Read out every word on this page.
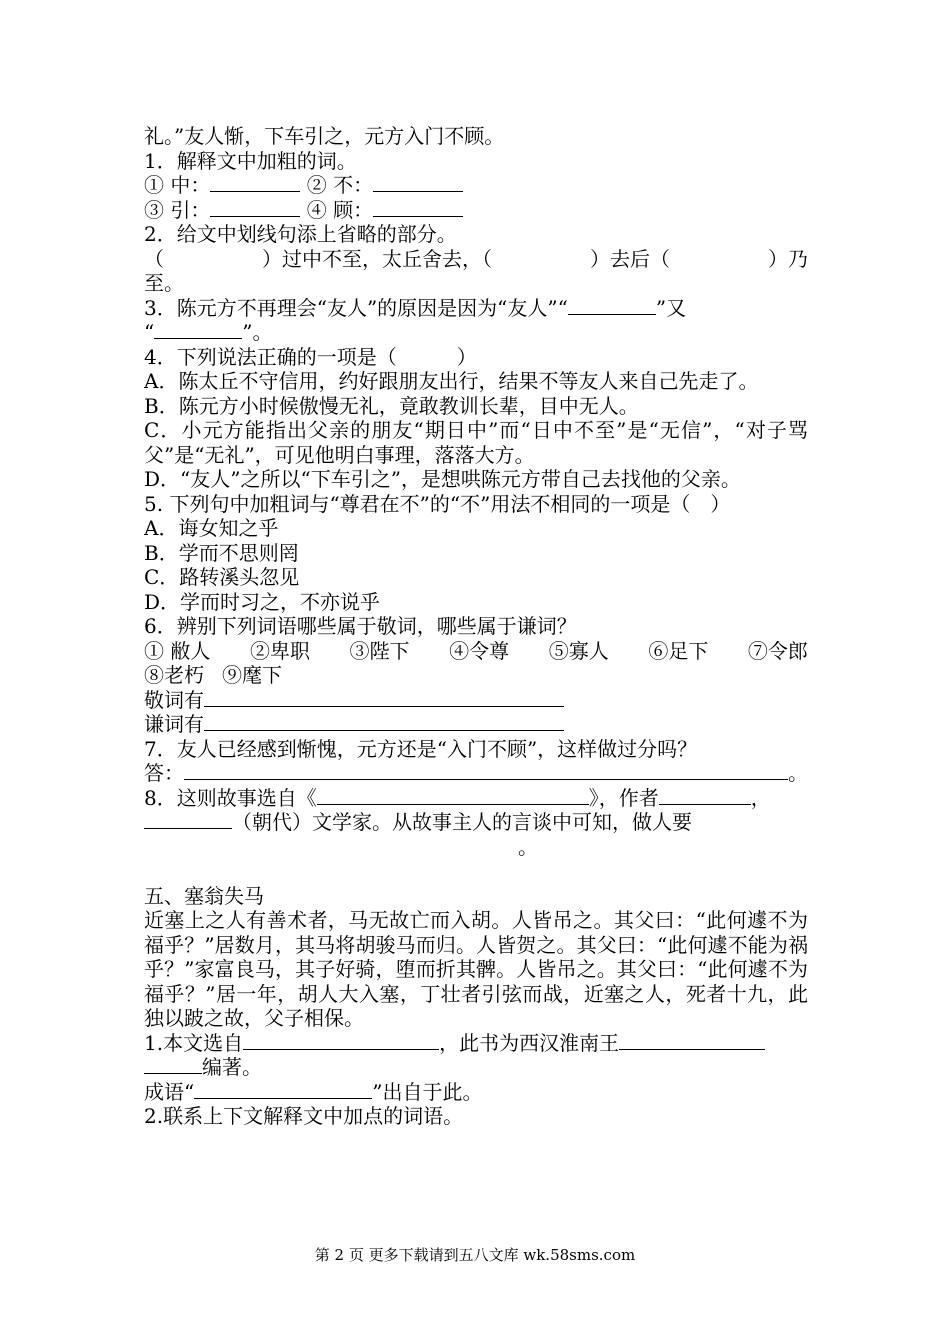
礼。”友人惭，下车引之，元方入门不顾。
1．解释文中加粗的词。
① 中：	② 不：
③ 引：	④ 顾：
2．给文中划线句添上省略的部分。
（	）过中不至，太丘舍去，（	）去后（	）乃
至。
3．陈元方不再理会“友人”的原因是因为“友人”“	”又
“	”。
4．下列说法正确的一项是（　　　）
A．陈太丘不守信用，约好跟朋友出行，结果不等友人来自己先走了。
B．陈元方小时候傲慢无礼，竟敢教训长辈，目中无人。
C．小元方能指出父亲的朋友“期日中”而“日中不至”是“无信”，“对子骂父”是“无礼”，可见他明白事理，落落大方。
D．“友人”之所以“下车引之”，是想哄陈元方带自己去找他的父亲。
5. 下列句中加粗词与“尊君在不”的“不”用法不相同的一项是（　）
A．诲女知之乎
B．学而不思则罔
C．路转溪头忽见
D．学而时习之，不亦说乎
6．辨别下列词语哪些属于敬词，哪些属于谦词？
① 敝人 ②卑职 ③陛下 ④令尊 ⑤寡人 ⑥足下 ⑦令郎
⑧老朽 ⑨麾下
敬词有
谦词有
7．友人已经感到惭愧，元方还是“入门不顾”，这样做过分吗？
答：	。
8．这则故事选自《	》，作者	，
（朝代）文学家。从故事主人的言谈中可知，做人要
。
五、塞翁失马
近塞上之人有善术者，马无故亡而入胡。人皆吊之。其父曰：“此何遽不为福乎？”居数月，其马将胡骏马而归。人皆贺之。其父曰：“此何遽不能为祸乎？”家富良马，其子好骑，堕而折其髀。人皆吊之。其父曰：“此何遽不为福乎？”居一年，胡人大入塞，丁壮者引弦而战，近塞之人，死者十九，此独以跛之故，父子相保。
1.本文选自	，此书为西汉淮南王
编著。
成语“	”出自于此。
2.联系上下文解释文中加点的词语。
第 2 页 更多下载请到五八文库 wk.58sms.com
